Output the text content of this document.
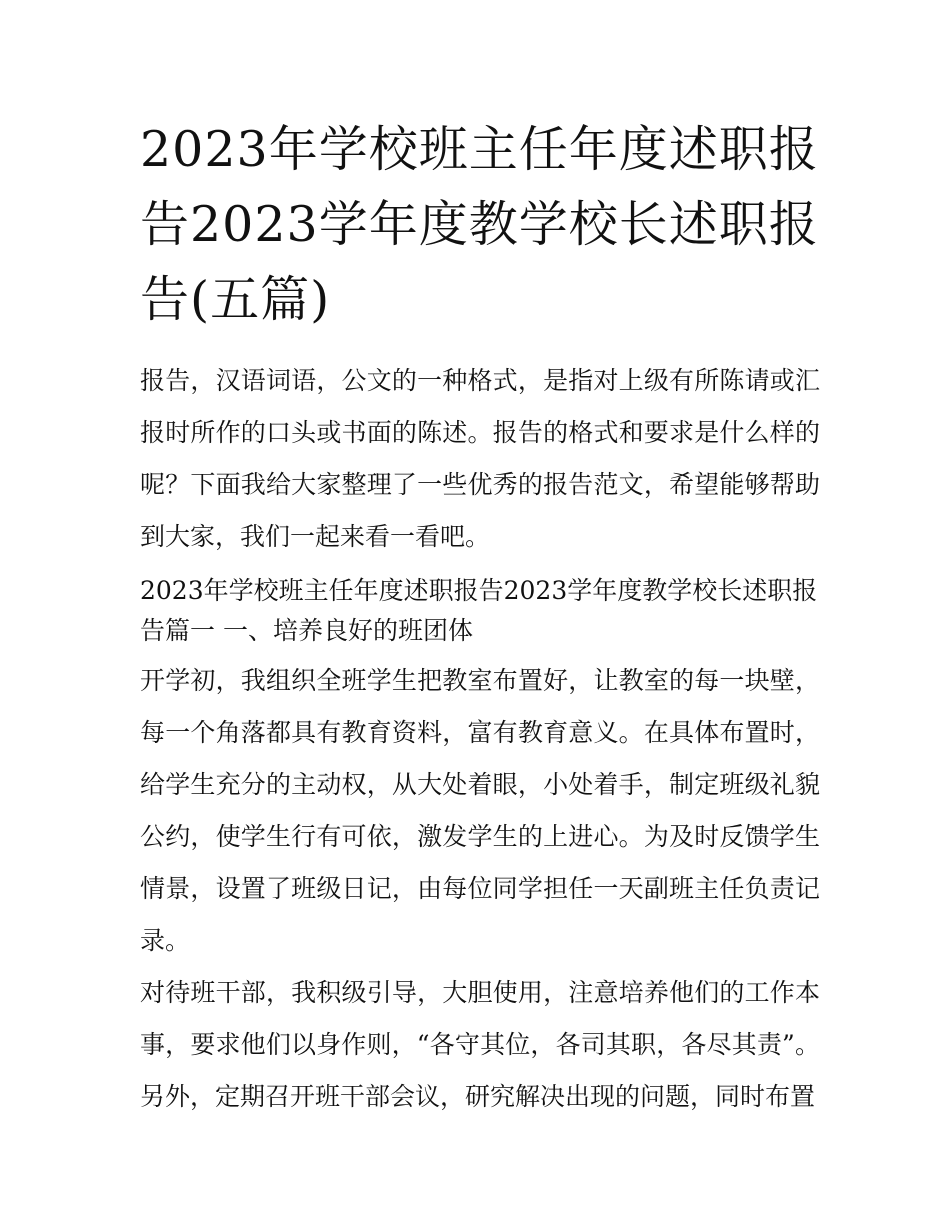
2023年学校班主任年度述职报告2023学年度教学校长述职报告(五篇)

报告，汉语词语，公文的一种格式，是指对上级有所陈请或汇报时所作的口头或书面的陈述。报告的格式和要求是什么样的呢？下面我给大家整理了一些优秀的报告范文，希望能够帮助到大家，我们一起来看一看吧。

2023年学校班主任年度述职报告2023学年度教学校长述职报告篇一 一、培养良好的班团体

开学初，我组织全班学生把教室布置好，让教室的每一块壁，每一个角落都具有教育资料，富有教育意义。在具体布置时，给学生充分的主动权，从大处着眼，小处着手，制定班级礼貌公约，使学生行有可依，激发学生的上进心。为及时反馈学生情景，设置了班级日记，由每位同学担任一天副班主任负责记录。

对待班干部，我积级引导，大胆使用，注意培养他们的工作本事，要求他们以身作则，“各守其位，各司其职，各尽其责”。另外，定期召开班干部会议，研究解决出现的问题，同时布置
